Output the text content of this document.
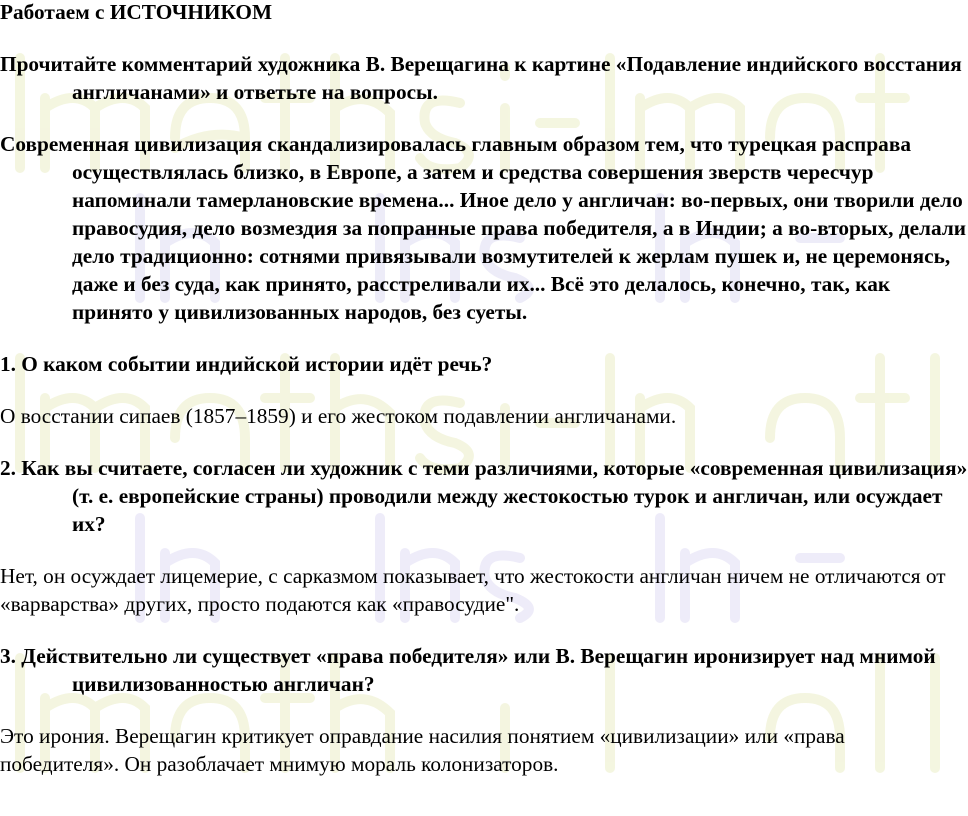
Работаем с ИСТОЧНИКОМ

Прочитайте комментарий художника В. Верещагина к картине «Подавление индийского восстания англичанами» и ответьте на вопросы.

Современная цивилизация скандализировалась главным образом тем, что турецкая расправа осуществлялась близко, в Европе, а затем и средства совершения зверств чересчур напоминали тамерлановские времена... Иное дело у англичан: во-первых, они творили дело правосудия, дело возмездия за попранные права победителя, а в Индии; а во-вторых, делали дело традиционно: сотнями привязывали возмутителей к жерлам пушек и, не церемонясь, даже и без суда, как принято, расстреливали их... Всё это делалось, конечно, так, как принято у цивилизованных народов, без суеты.

1. О каком событии индийской истории идёт речь?

О восстании сипаев (1857–1859) и его жестоком подавлении англичанами.

2. Как вы считаете, согласен ли художник с теми различиями, которые «современная цивилизация» (т. е. европейские страны) проводили между жестокостью турок и англичан, или осуждает их?

Нет, он осуждает лицемерие, с сарказмом показывает, что жестокости англичан ничем не отличаются от «варварства» других, просто подаются как «правосудие".

3. Действительно ли существует «права победителя» или В. Верещагин иронизирует над мнимой цивилизованностью англичан?

Это ирония. Верещагин критикует оправдание насилия понятием «цивилизации» или «права победителя». Он разоблачает мнимую мораль колонизаторов.
